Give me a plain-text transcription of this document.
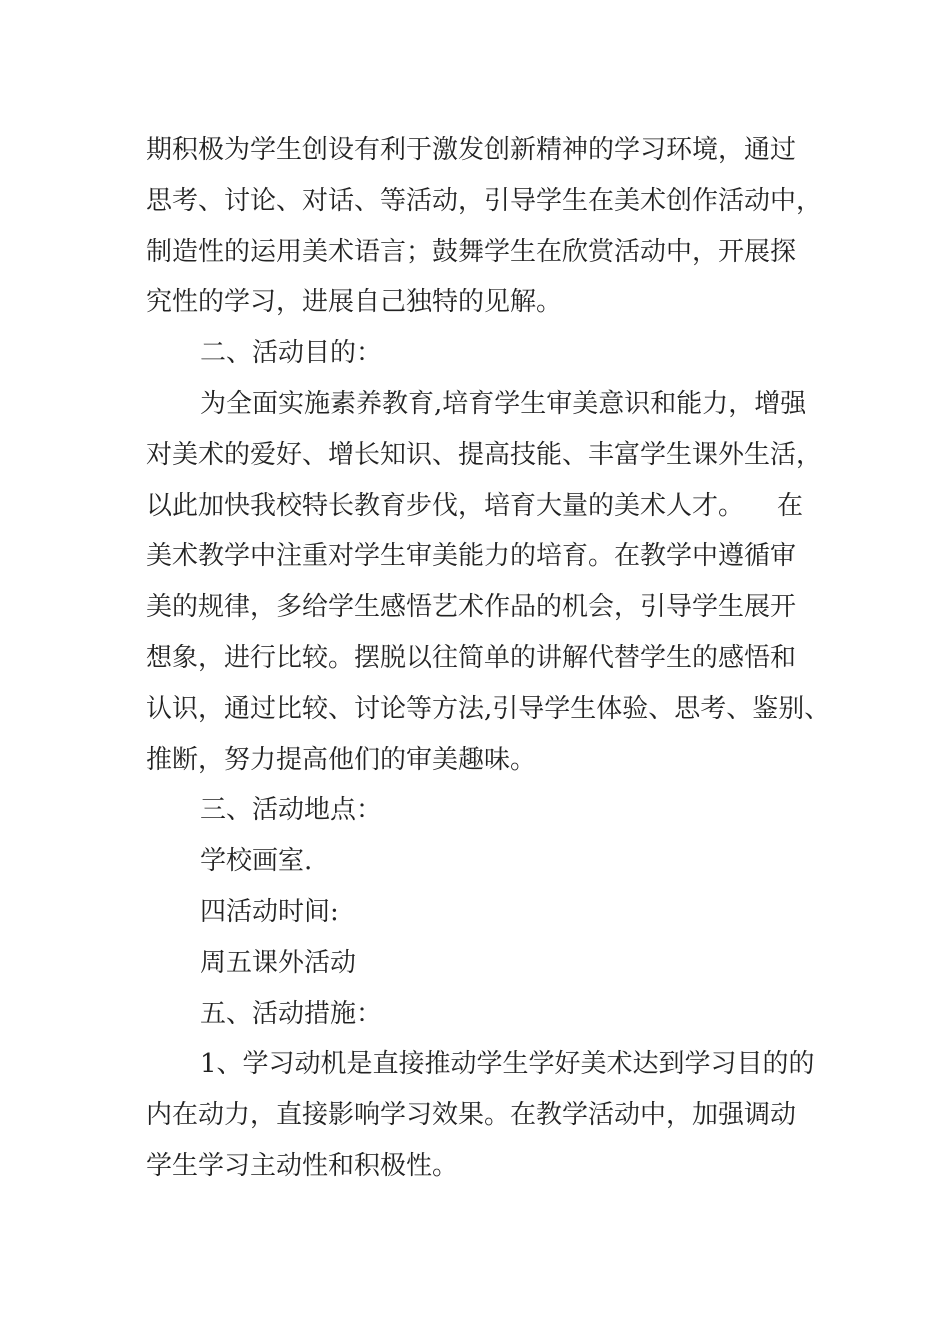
期积极为学生创设有利于激发创新精神的学习环境，通过
思考、讨论、对话、等活动，引导学生在美术创作活动中，
制造性的运用美术语言；鼓舞学生在欣赏活动中，开展探
究性的学习，进展自己独特的见解。
二、活动目的：
为全面实施素养教育,培育学生审美意识和能力，增强
对美术的爱好、增长知识、提高技能、丰富学生课外生活，
以此加快我校特长教育步伐，培育大量的美术人才。    在
美术教学中注重对学生审美能力的培育。在教学中遵循审
美的规律，多给学生感悟艺术作品的机会，引导学生展开
想象，进行比较。摆脱以往简单的讲解代替学生的感悟和
认识，通过比较、讨论等方法,引导学生体验、思考、鉴别、
推断，努力提高他们的审美趣味。
三、活动地点：
学校画室.
四活动时间:
周五课外活动
五、活动措施：
1、学习动机是直接推动学生学好美术达到学习目的的
内在动力，直接影响学习效果。在教学活动中，加强调动
学生学习主动性和积极性。
